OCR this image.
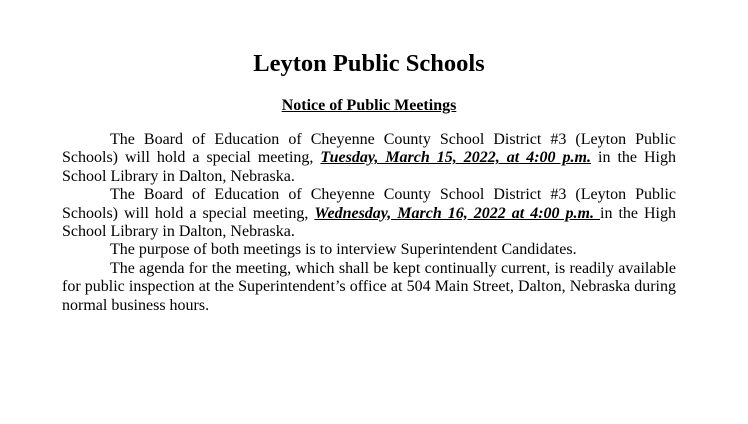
Leyton Public Schools
Notice of Public Meetings

The Board of Education of Cheyenne County School District #3 (Leyton Public Schools) will hold a special meeting, Tuesday, March 15, 2022, at 4:00 p.m. in the High School Library in Dalton, Nebraska.

The Board of Education of Cheyenne County School District #3 (Leyton Public Schools) will hold a special meeting, Wednesday, March 16, 2022 at 4:00 p.m. in the High School Library in Dalton, Nebraska.

The purpose of both meetings is to interview Superintendent Candidates.

The agenda for the meeting, which shall be kept continually current, is readily available for public inspection at the Superintendent’s office at 504 Main Street, Dalton, Nebraska during normal business hours.
